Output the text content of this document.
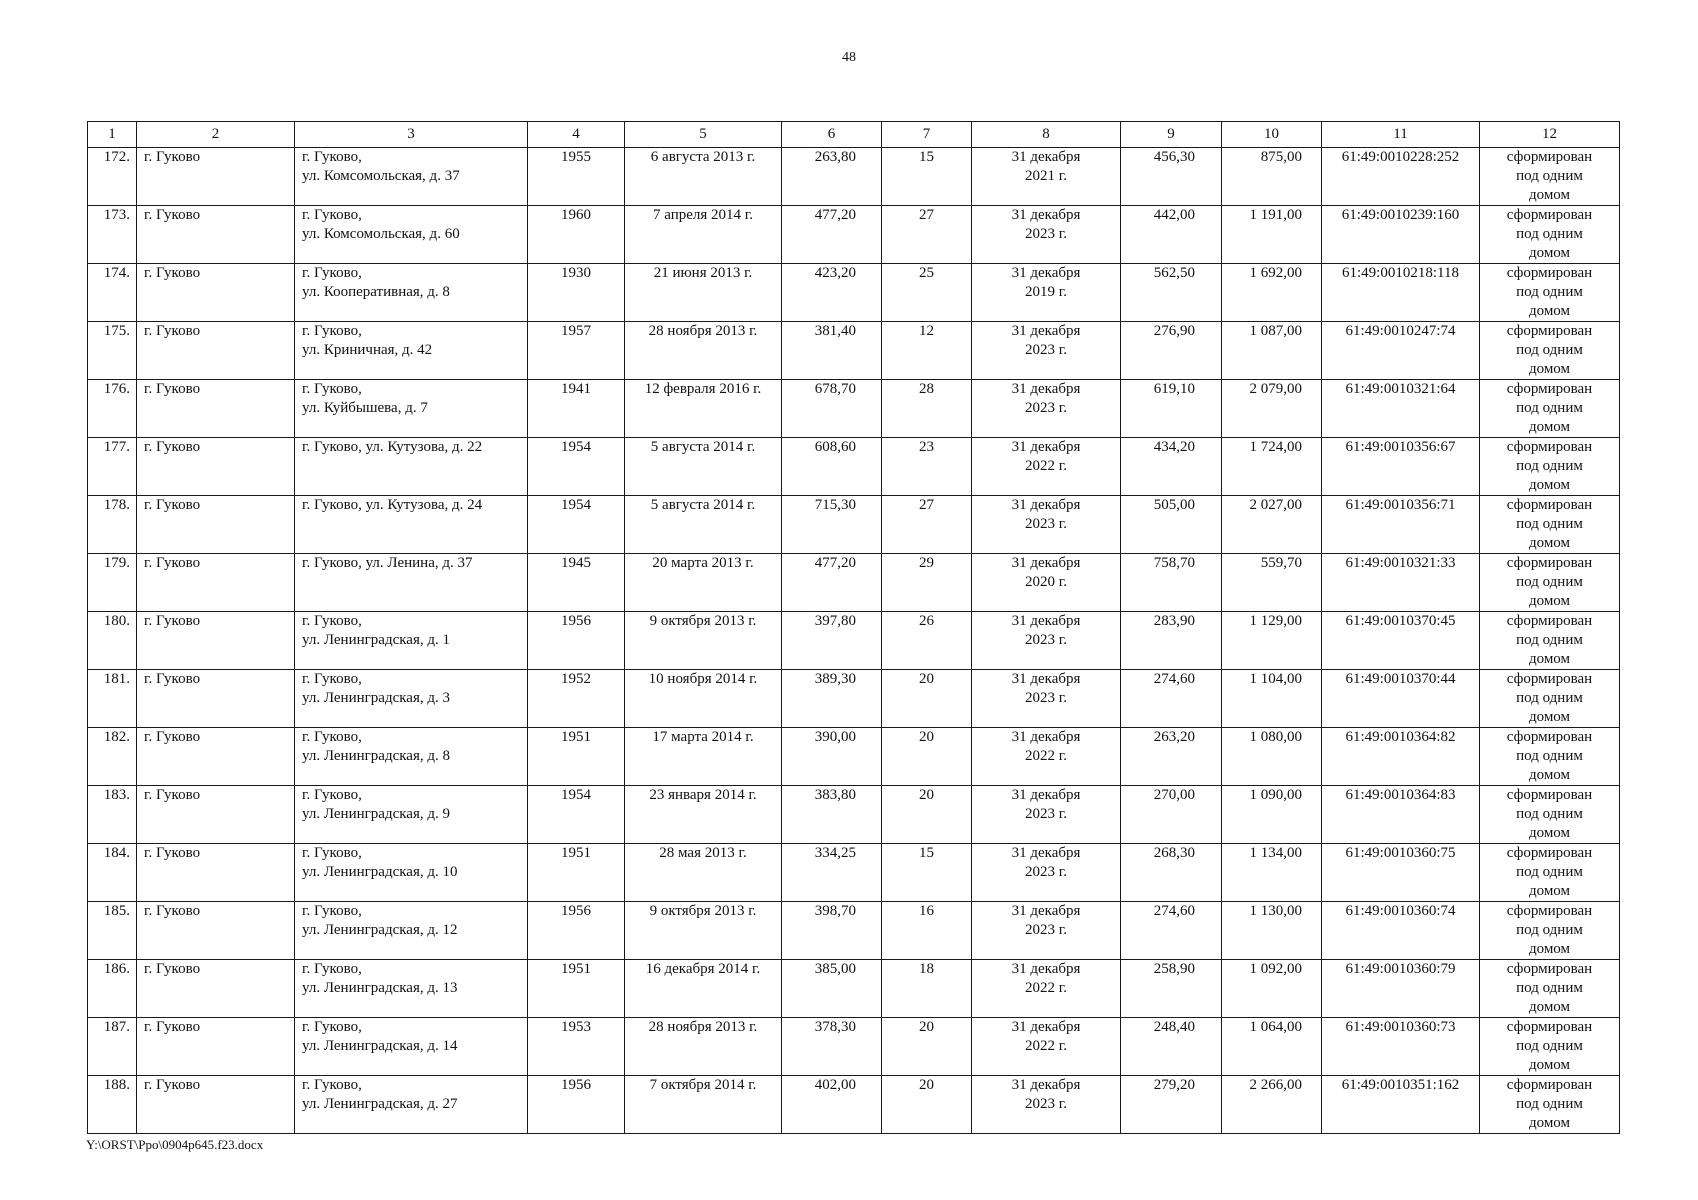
48
1	2	3	4	5	6	7	8	9	10	11	12
172.	г. Гуково	г. Гуково,
ул. Комсомольская, д. 37	1955	6 августа 2013 г.	263,80	15	31 декабря
2021 г.	456,30	875,00	61:49:0010228:252	сформирован
под одним
домом

173.	г. Гуково	г. Гуково,
ул. Комсомольская, д. 60	1960	7 апреля 2014 г.	477,20	27	31 декабря
2023 г.	442,00	1 191,00	61:49:0010239:160	сформирован
под одним
домом

174.	г. Гуково	г. Гуково,
ул. Кооперативная, д. 8	1930	21 июня 2013 г.	423,20	25	31 декабря
2019 г.	562,50	1 692,00	61:49:0010218:118	сформирован
под одним
домом

175.	г. Гуково	г. Гуково,
ул. Криничная, д. 42	1957	28 ноября 2013 г.	381,40	12	31 декабря
2023 г.	276,90	1 087,00	61:49:0010247:74	сформирован
под одним
домом

176.	г. Гуково	г. Гуково,
ул. Куйбышева, д. 7	1941	12 февраля 2016 г.	678,70	28	31 декабря
2023 г.	619,10	2 079,00	61:49:0010321:64	сформирован
под одним
домом

177.	г. Гуково	г. Гуково, ул. Кутузова, д. 22	1954	5 августа 2014 г.	608,60	23	31 декабря
2022 г.	434,20	1 724,00	61:49:0010356:67	сформирован
под одним
домом

178.	г. Гуково	г. Гуково, ул. Кутузова, д. 24	1954	5 августа 2014 г.	715,30	27	31 декабря
2023 г.	505,00	2 027,00	61:49:0010356:71	сформирован
под одним
домом

179.	г. Гуково	г. Гуково, ул. Ленина, д. 37	1945	20 марта 2013 г.	477,20	29	31 декабря
2020 г.	758,70	559,70	61:49:0010321:33	сформирован
под одним
домом

180.	г. Гуково	г. Гуково,
ул. Ленинградская, д. 1	1956	9 октября 2013 г.	397,80	26	31 декабря
2023 г.	283,90	1 129,00	61:49:0010370:45	сформирован
под одним
домом

181.	г. Гуково	г. Гуково,
ул. Ленинградская, д. 3	1952	10 ноября 2014 г.	389,30	20	31 декабря
2023 г.	274,60	1 104,00	61:49:0010370:44	сформирован
под одним
домом

182.	г. Гуково	г. Гуково,
ул. Ленинградская, д. 8	1951	17 марта 2014 г.	390,00	20	31 декабря
2022 г.	263,20	1 080,00	61:49:0010364:82	сформирован
под одним
домом

183.	г. Гуково	г. Гуково,
ул. Ленинградская, д. 9	1954	23 января 2014 г.	383,80	20	31 декабря
2023 г.	270,00	1 090,00	61:49:0010364:83	сформирован
под одним
домом

184.	г. Гуково	г. Гуково,
ул. Ленинградская, д. 10	1951	28 мая 2013 г.	334,25	15	31 декабря
2023 г.	268,30	1 134,00	61:49:0010360:75	сформирован
под одним
домом

185.	г. Гуково	г. Гуково,
ул. Ленинградская, д. 12	1956	9 октября 2013 г.	398,70	16	31 декабря
2023 г.	274,60	1 130,00	61:49:0010360:74	сформирован
под одним
домом

186.	г. Гуково	г. Гуково,
ул. Ленинградская, д. 13	1951	16 декабря 2014 г.	385,00	18	31 декабря
2022 г.	258,90	1 092,00	61:49:0010360:79	сформирован
под одним
домом

187.	г. Гуково	г. Гуково,
ул. Ленинградская, д. 14	1953	28 ноября 2013 г.	378,30	20	31 декабря
2022 г.	248,40	1 064,00	61:49:0010360:73	сформирован
под одним
домом

188.	г. Гуково	г. Гуково,
ул. Ленинградская, д. 27	1956	7 октября 2014 г.	402,00	20	31 декабря
2023 г.	279,20	2 266,00	61:49:0010351:162	сформирован
под одним
домом
Y:\ORST\Ppo\0904p645.f23.docx
